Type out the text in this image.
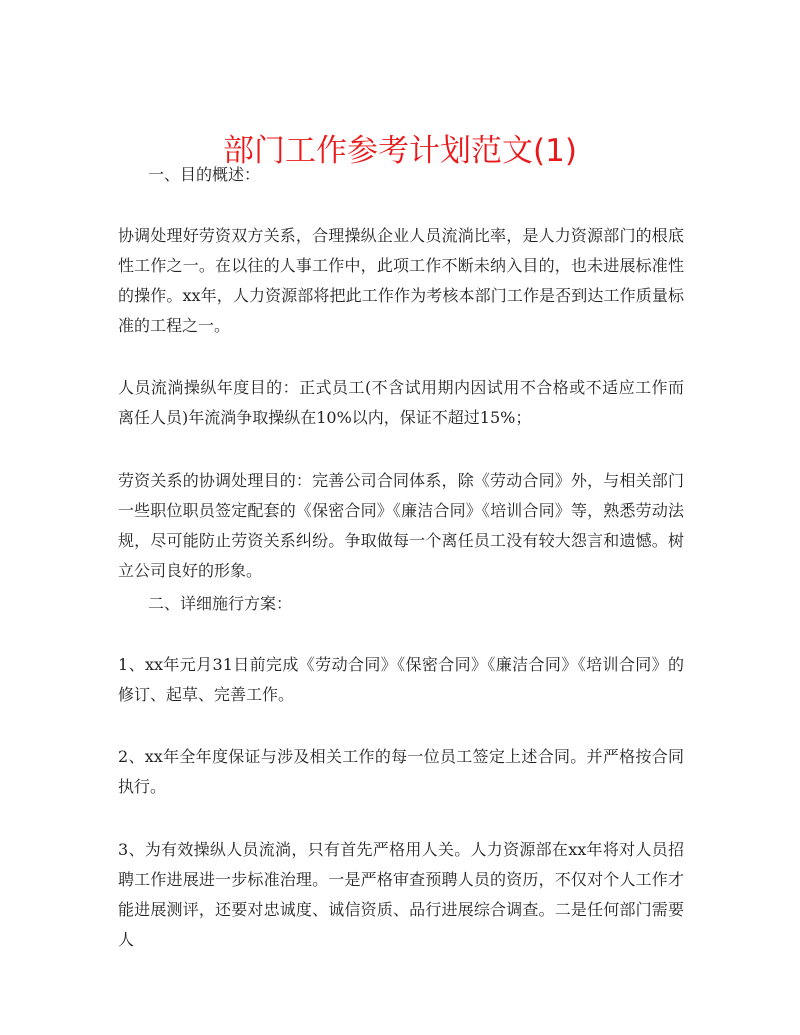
部门工作参考计划范文(1)

一、目的概述：

协调处理好劳资双方关系，合理操纵企业人员流淌比率，是人力资源部门的根底性工作之一。在以往的人事工作中，此项工作不断未纳入目的，也未进展标准性的操作。xx年，人力资源部将把此工作作为考核本部门工作是否到达工作质量标准的工程之一。

人员流淌操纵年度目的：正式员工(不含试用期内因试用不合格或不适应工作而离任人员)年流淌争取操纵在10%以内，保证不超过15%；

劳资关系的协调处理目的：完善公司合同体系，除《劳动合同》外，与相关部门一些职位职员签定配套的《保密合同》《廉洁合同》《培训合同》等，熟悉劳动法规，尽可能防止劳资关系纠纷。争取做每一个离任员工没有较大怨言和遗憾。树立公司良好的形象。

二、详细施行方案：

1、xx年元月31日前完成《劳动合同》《保密合同》《廉洁合同》《培训合同》的修订、起草、完善工作。

2、xx年全年度保证与涉及相关工作的每一位员工签定上述合同。并严格按合同执行。

3、为有效操纵人员流淌，只有首先严格用人关。人力资源部在xx年将对人员招聘工作进展进一步标准治理。一是严格审查预聘人员的资历，不仅对个人工作才能进展测评，还要对忠诚度、诚信资质、品行进展综合调查。二是任何部门需要人
